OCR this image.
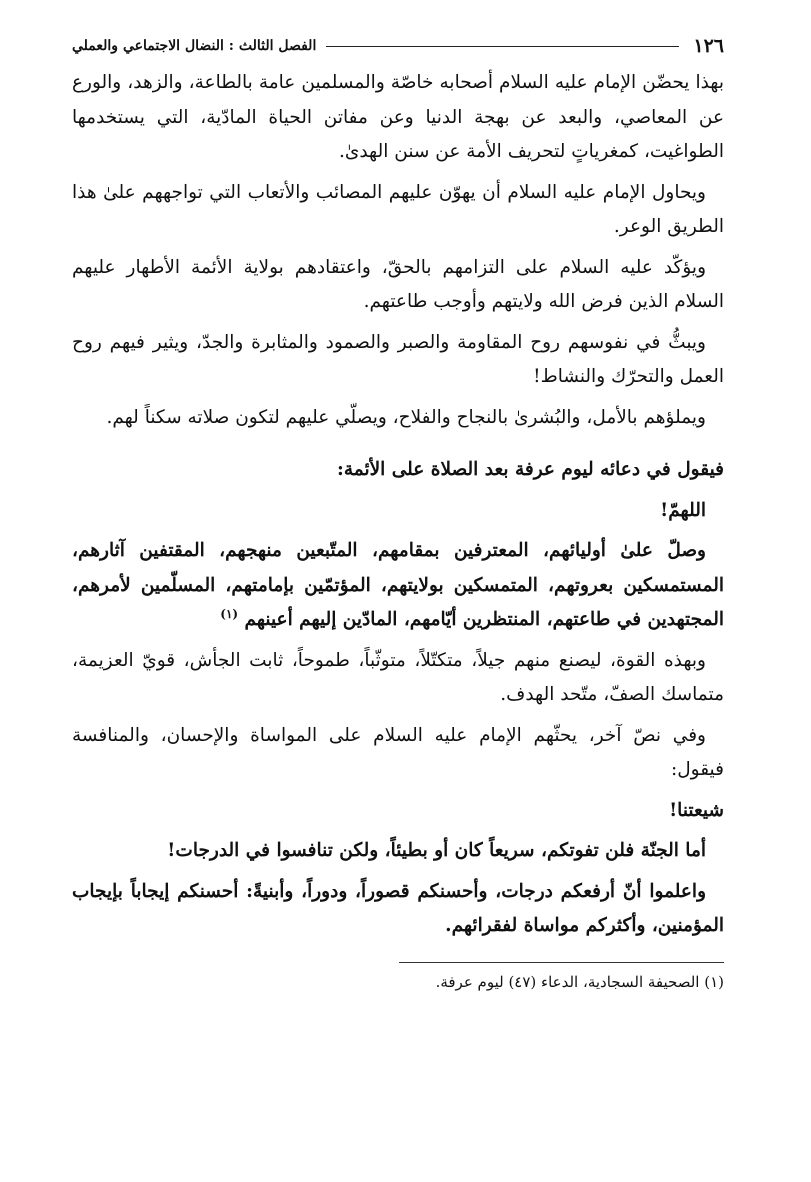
١٢٦
الفصل الثالث : النضال الاجتماعي والعملي

بهذا يحضّن الإمام عليه السلام أصحابه خاصّة والمسلمين عامة بالطاعة، والزهد، والورع عن المعاصي، والبعد عن بهجة الدنيا وعن مفاتن الحياة المادّية، التي يستخدمها الطواغيت، كمغرياتٍ لتحريف الأمة عن سنن الهدىٰ.

ويحاول الإمام عليه السلام أن يهوّن عليهم المصائب والأتعاب التي تواجههم علىٰ هذا الطريق الوعر.

ويؤكّد عليه السلام على التزامهم بالحقّ، واعتقادهم بولاية الأئمة الأطهار عليهم السلام الذين فرض الله ولايتهم وأوجب طاعتهم.

ويبثُّ في نفوسهم روح المقاومة والصبر والصمود والمثابرة والجدّ، ويثير فيهم روح العمل والتحرّك والنشاط!

ويملؤهم بالأمل، والبُشرىٰ بالنجاح والفلاح، ويصلّي عليهم لتكون صلاته سكناً لهم.

فيقول في دعائه ليوم عرفة بعد الصلاة على الأئمة:

اللهمّ!

وصلّ علىٰ أوليائهم، المعترفين بمقامهم، المتّبعين منهجهم، المقتفين آثارهم، المستمسكين بعروتهم، المتمسكين بولايتهم، المؤتمّين بإمامتهم، المسلّمين لأمرهم، المجتهدين في طاعتهم، المنتظرين أيّامهم، المادّين إليهم أعينهم $^{(١)}$

وبهذه القوة، ليصنع منهم جيلاً، متكتّلاً، متوثّباً، طموحاً، ثابت الجأش، قويّ العزيمة، متماسك الصفّ، متّحد الهدف.

وفي نصّ آخر، يحثّهم الإمام عليه السلام على المواساة والإحسان، والمنافسة فيقول:

شيعتنا!

أما الجنّة فلن تفوتكم، سريعاً كان أو بطيئاً، ولكن تنافسوا في الدرجات!

واعلموا أنّ أرفعكم درجات، وأحسنكم قصوراً، ودوراً، وأبنيةً: أحسنكم إيجاباً بإيجاب المؤمنين، وأكثركم مواساة لفقرائهم.

(١) الصحيفة السجادية، الدعاء (٤٧) ليوم عرفة.
